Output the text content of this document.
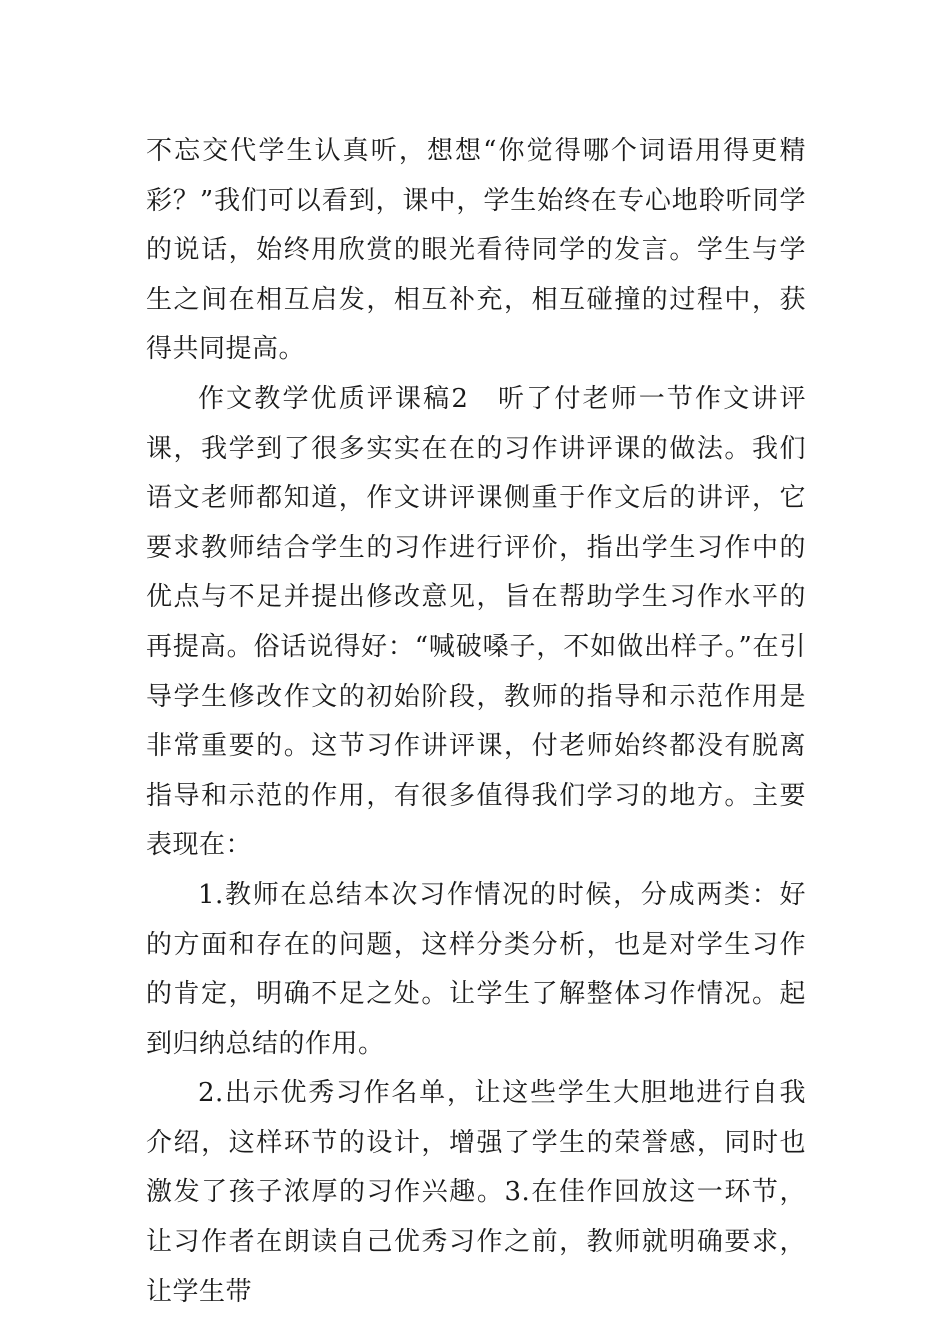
不忘交代学生认真听，想想“你觉得哪个词语用得更精彩？”我们可以看到，课中，学生始终在专心地聆听同学的说话，始终用欣赏的眼光看待同学的发言。学生与学生之间在相互启发，相互补充，相互碰撞的过程中，获得共同提高。

作文教学优质评课稿2 听了付老师一节作文讲评课，我学到了很多实实在在的习作讲评课的做法。我们语文老师都知道，作文讲评课侧重于作文后的讲评，它要求教师结合学生的习作进行评价，指出学生习作中的优点与不足并提出修改意见，旨在帮助学生习作水平的再提高。俗话说得好：“喊破嗓子，不如做出样子。”在引导学生修改作文的初始阶段，教师的指导和示范作用是非常重要的。这节习作讲评课，付老师始终都没有脱离指导和示范的作用，有很多值得我们学习的地方。主要表现在：

1.教师在总结本次习作情况的时候，分成两类：好的方面和存在的问题，这样分类分析，也是对学生习作的肯定，明确不足之处。让学生了解整体习作情况。起到归纳总结的作用。

2.出示优秀习作名单，让这些学生大胆地进行自我介绍，这样环节的设计，增强了学生的荣誉感，同时也激发了孩子浓厚的习作兴趣。3.在佳作回放这一环节，让习作者在朗读自己优秀习作之前，教师就明确要求，让学生带
